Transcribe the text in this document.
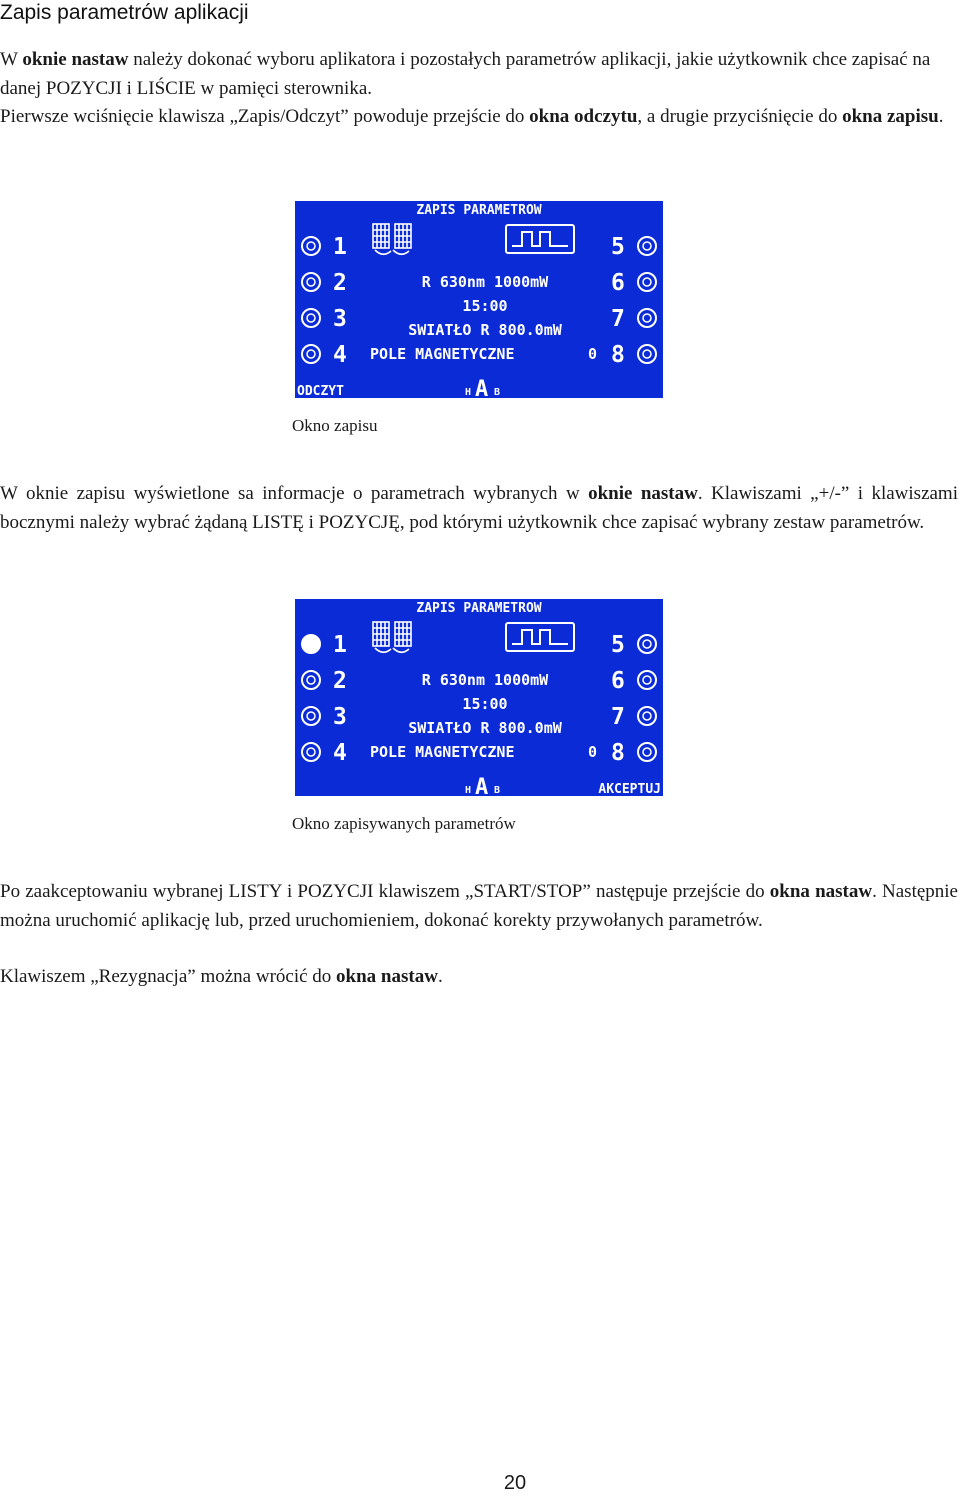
Zapis parametrów aplikacji

W oknie nastaw należy dokonać wyboru aplikatora i pozostałych parametrów aplikacji, jakie użytkownik chce zapisać na danej POZYCJI i LIŚCIE w pamięci sterownika.

Pierwsze wciśnięcie klawisza „Zapis/Odczyt” powoduje przejście do okna odczytu, a drugie przyciśnięcie do okna zapisu.

ZAPIS PARAMETROW
1
2
3
4
5
6
7
8
R 630nm 1000mW
15:00
SWIATŁO R 800.0mW
POLE MAGNETYCZNE	0
ODCZYT	H A B

Okno zapisu

W oknie zapisu wyświetlone sa informacje o parametrach wybranych w oknie nastaw. Klawiszami „+/-” i klawiszami bocznymi należy wybrać żądaną LISTĘ i POZYCJĘ, pod którymi użytkownik chce zapisać wybrany zestaw parametrów.

ZAPIS PARAMETROW
1
2
3
4
5
6
7
8
R 630nm 1000mW
15:00
SWIATŁO R 800.0mW
POLE MAGNETYCZNE	0
H A B	AKCEPTUJ

Okno zapisywanych parametrów

Po zaakceptowaniu wybranej LISTY i POZYCJI klawiszem „START/STOP” następuje przejście do okna nastaw. Następnie można uruchomić aplikację lub, przed uruchomieniem, dokonać korekty przywołanych parametrów.

Klawiszem „Rezygnacja” można wrócić do okna nastaw.

20
